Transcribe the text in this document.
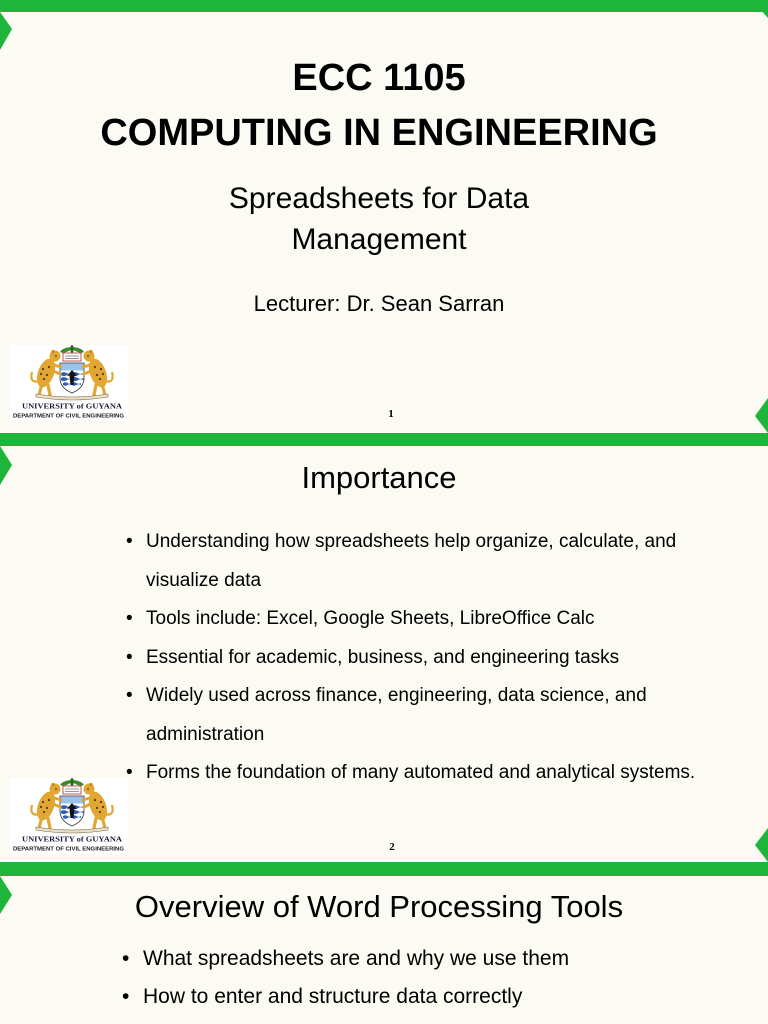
ECC 1105
COMPUTING IN ENGINEERING
Spreadsheets for Data
Management
Lecturer: Dr. Sean Sarran
UNIVERSITY of GUYANA
DEPARTMENT OF CIVIL ENGINEERING	1
Importance
•
Understanding how spreadsheets help organize, calculate, and visualize data
•
Tools include: Excel, Google Sheets, LibreOffice Calc
•
Essential for academic, business, and engineering tasks
•
Widely used across finance, engineering, data science, and administration
•
Forms the foundation of many automated and analytical systems.
UNIVERSITY of GUYANA
DEPARTMENT OF CIVIL ENGINEERING	2
Overview of Word Processing Tools
•
What spreadsheets are and why we use them
•
How to enter and structure data correctly
